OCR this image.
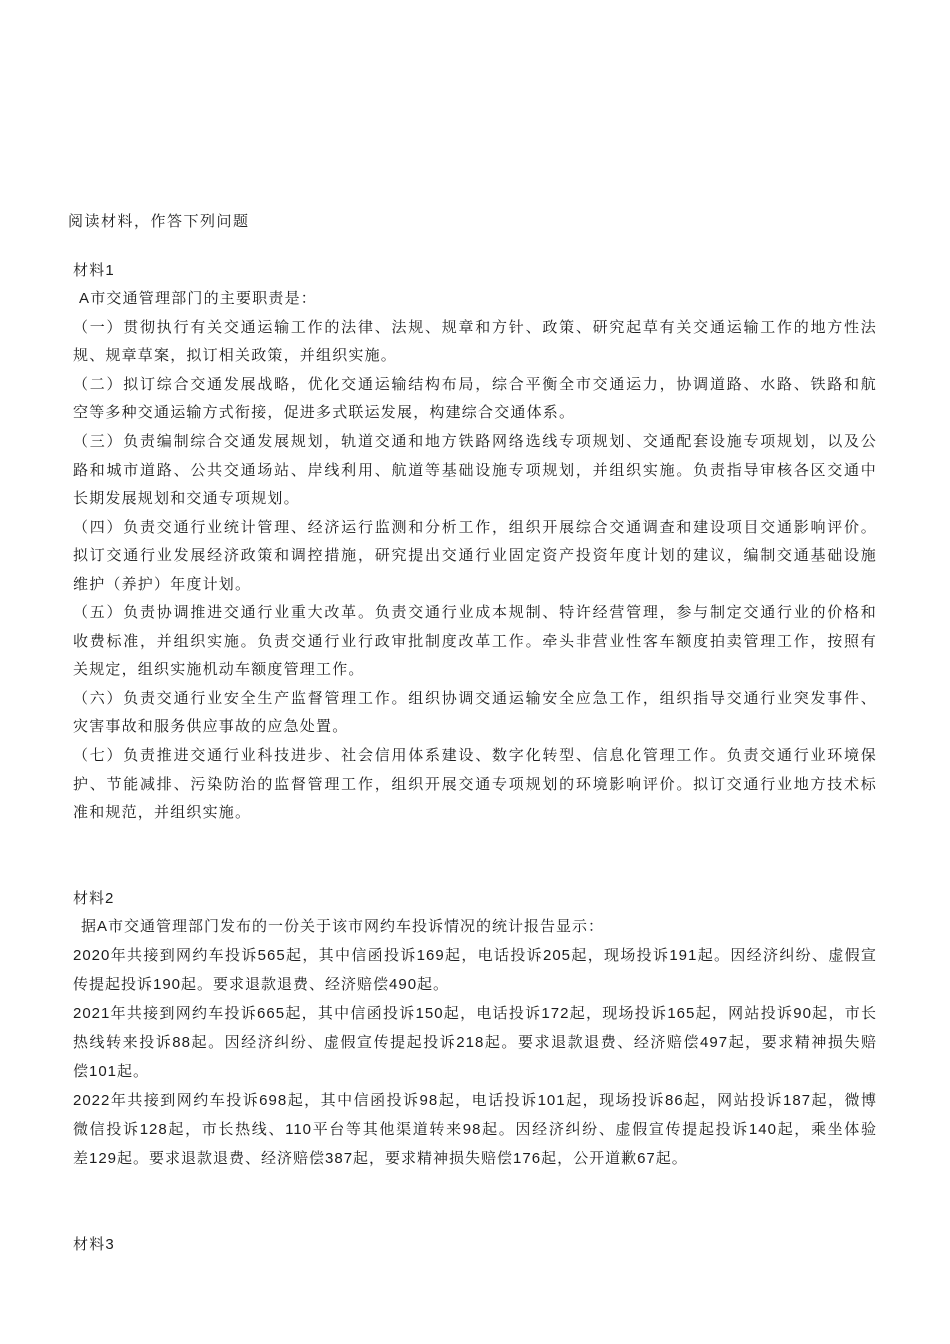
阅读材料，作答下列问题
材料1
A市交通管理部门的主要职责是：
（一）贯彻执行有关交通运输工作的法律、法规、规章和方针、政策、研究起草有关交通运输工作的地方性法
规、规章草案，拟订相关政策，并组织实施。
（二）拟订综合交通发展战略，优化交通运输结构布局，综合平衡全市交通运力，协调道路、水路、铁路和航
空等多种交通运输方式衔接，促进多式联运发展，构建综合交通体系。
（三）负责编制综合交通发展规划，轨道交通和地方铁路网络选线专项规划、交通配套设施专项规划，以及公
路和城市道路、公共交通场站、岸线利用、航道等基础设施专项规划，并组织实施。负责指导审核各区交通中
长期发展规划和交通专项规划。
（四）负责交通行业统计管理、经济运行监测和分析工作，组织开展综合交通调查和建设项目交通影响评价。
拟订交通行业发展经济政策和调控措施，研究提出交通行业固定资产投资年度计划的建议，编制交通基础设施
维护（养护）年度计划。
（五）负责协调推进交通行业重大改革。负责交通行业成本规制、特许经营管理，参与制定交通行业的价格和
收费标准，并组织实施。负责交通行业行政审批制度改革工作。牵头非营业性客车额度拍卖管理工作，按照有
关规定，组织实施机动车额度管理工作。
（六）负责交通行业安全生产监督管理工作。组织协调交通运输安全应急工作，组织指导交通行业突发事件、
灾害事故和服务供应事故的应急处置。
（七）负责推进交通行业科技进步、社会信用体系建设、数字化转型、信息化管理工作。负责交通行业环境保
护、节能减排、污染防治的监督管理工作，组织开展交通专项规划的环境影响评价。拟订交通行业地方技术标
准和规范，并组织实施。
材料2
据A市交通管理部门发布的一份关于该市网约车投诉情况的统计报告显示：
2020年共接到网约车投诉565起，其中信函投诉169起，电话投诉205起，现场投诉191起。因经济纠纷、虚假宣
传提起投诉190起。要求退款退费、经济赔偿490起。
2021年共接到网约车投诉665起，其中信函投诉150起，电话投诉172起，现场投诉165起，网站投诉90起，市长
热线转来投诉88起。因经济纠纷、虚假宣传提起投诉218起。要求退款退费、经济赔偿497起，要求精神损失赔
偿101起。
2022年共接到网约车投诉698起，其中信函投诉98起，电话投诉101起，现场投诉86起，网站投诉187起，微博
微信投诉128起，市长热线、110平台等其他渠道转来98起。因经济纠纷、虚假宣传提起投诉140起，乘坐体验
差129起。要求退款退费、经济赔偿387起，要求精神损失赔偿176起，公开道歉67起。
材料3
